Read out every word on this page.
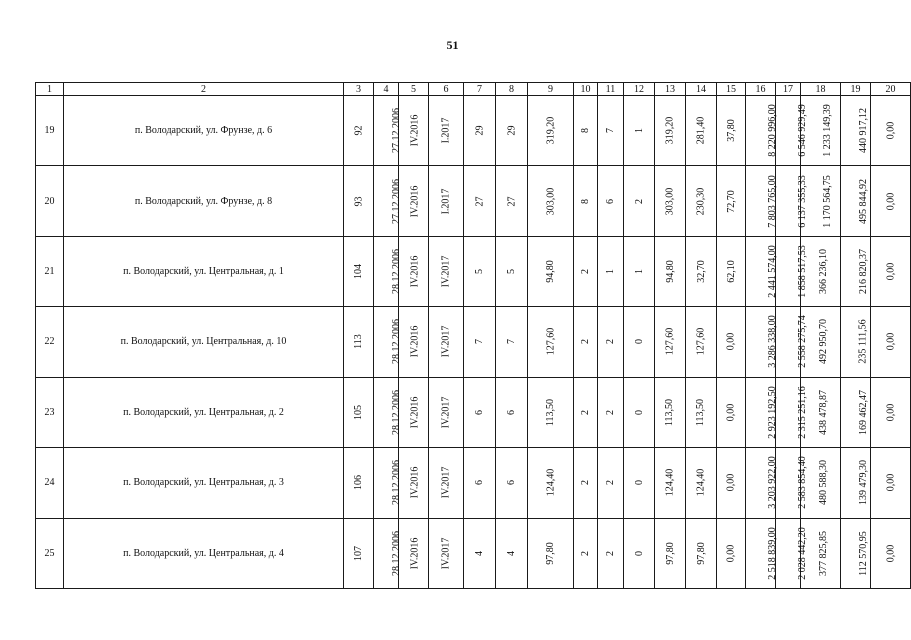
51
1	2	3	4	5	6	7	8	9	10	11	12	13	14	15	16	17	18	19	20
19	п. Володарский, ул. Фрунзе, д. 6	92	27.12.2006	IV.2016	I.2017	29	29	319,20	8	7	1	319,20	281,40	37,80	8 220 996,00	6 546 929,49	1 233 149,39	440 917,12	0,00
20	п. Володарский, ул. Фрунзе, д. 8	93	27.12.2006	IV.2016	I.2017	27	27	303,00	8	6	2	303,00	230,30	72,70	7 803 765,00	6 137 355,33	1 170 564,75	495 844,92	0,00
21	п. Володарский, ул. Центральная, д. 1	104	28.12.2006	IV.2016	IV.2017	5	5	94,80	2	1	1	94,80	32,70	62,10	2 441 574,00	1 858 517,53	366 236,10	216 820,37	0,00
22	п. Володарский, ул. Центральная, д. 10	113	28.12.2006	IV.2016	IV.2017	7	7	127,60	2	2	0	127,60	127,60	0,00	3 286 338,00	2 558 275,74	492 950,70	235 111,56	0,00
23	п. Володарский, ул. Центральная, д. 2	105	28.12.2006	IV.2016	IV.2017	6	6	113,50	2	2	0	113,50	113,50	0,00	2 923 192,50	2 315 251,16	438 478,87	169 462,47	0,00
24	п. Володарский, ул. Центральная, д. 3	106	28.12.2006	IV.2016	IV.2017	6	6	124,40	2	2	0	124,40	124,40	0,00	3 203 922,00	2 583 854,40	480 588,30	139 479,30	0,00
25	п. Володарский, ул. Центральная, д. 4	107	28.12.2006	IV.2016	IV.2017	4	4	97,80	2	2	0	97,80	97,80	0,00	2 518 839,00	2 028 442,20	377 825,85	112 570,95	0,00
